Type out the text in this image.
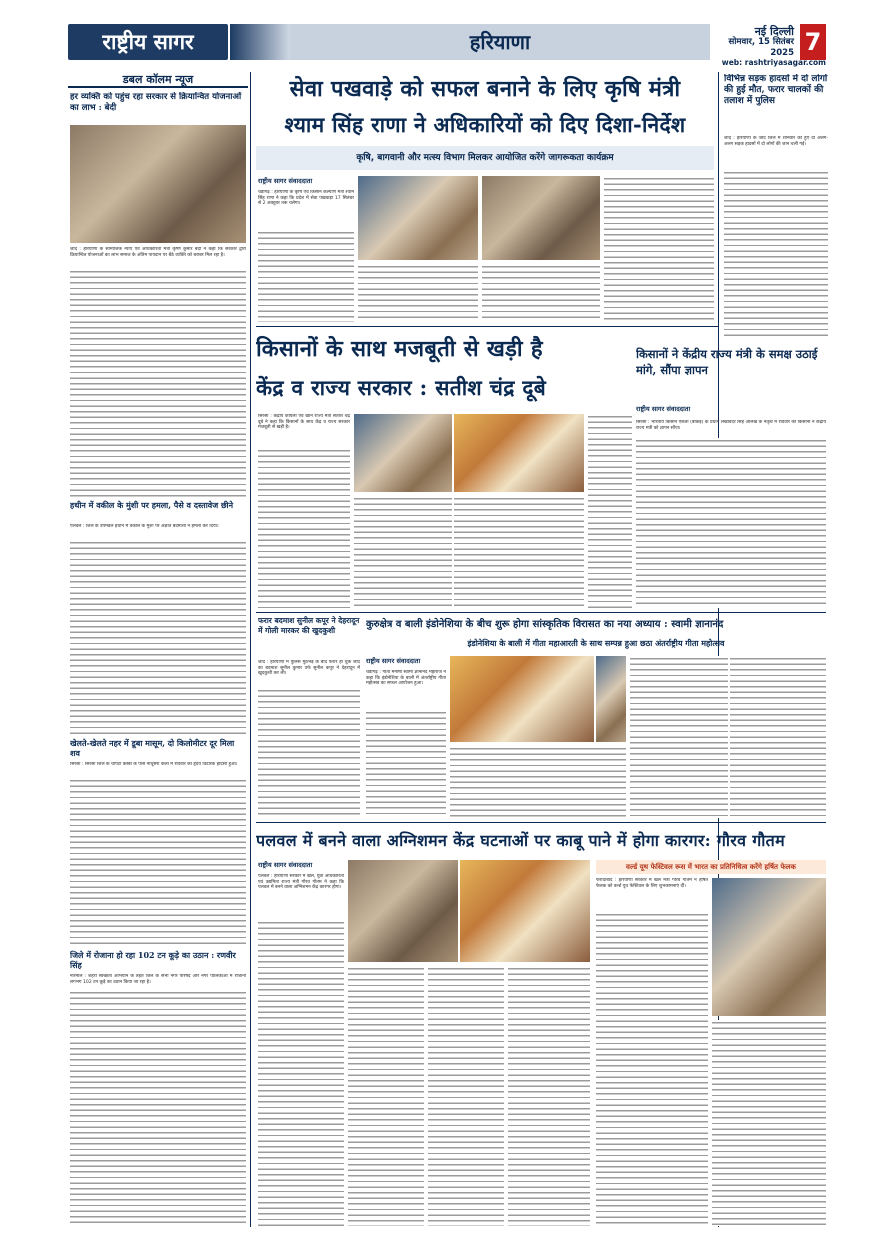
राष्ट्रीय सागर	हरियाणा	नई दिल्ली
सोमवार, 15 सितंबर 2025 7
web: rashtriyasagar.com
डबल कॉलम न्यूज
हर व्यक्ति को पहुंच रहा सरकार से क्रियान्वित योजनाओं का लाभ : बेदी
जींद : हरियाणा के सामाजिक न्याय एवं अधिकारिता मंत्री कृष्ण कुमार बेदी ने कहा कि सरकार द्वारा क्रियान्वित योजनाओं का लाभ समाज के अंतिम पायदान पर बैठे व्यक्ति को बराबर मिल रहा है।
हथीन में वकील के मुंशी पर हमला, पैसे व दस्तावेज छीने
पलवल : जिले के उपमंडल हथीन में वकील के मुंशी पर अज्ञात बदमाशों ने हमला कर दिया।
खेलते-खेलते नहर में डूबा मासूम, दो किलोमीटर दूर मिला शव
सिरसा : सिरसा जिले के चोपटा कस्बा के पास नाथूसरी कलां में रविवार को हृदय विदारक हादसा हुआ।
जिले में रोजाना हो रहा 102 टन कूड़े का उठान : रणवीर सिंह
नारनौल : शहरी स्वच्छता अभियान के तहत जिले के सभी नगर परिषद और नगर पालिकाओं में रोजाना लगभग 102 टन कूड़े का उठान किया जा रहा है।
सेवा पखवाड़े को सफल बनाने के लिए कृषि मंत्री
श्याम सिंह राणा ने अधिकारियों को दिए दिशा-निर्देश
कृषि, बागवानी और मत्स्य विभाग मिलकर आयोजित करेंगे जागरूकता कार्यक्रम
राष्ट्रीय सागर संवाददाता
चंडीगढ़ : हरियाणा के कृषि एवं किसान कल्याण मंत्री श्याम सिंह राणा ने कहा कि प्रदेश में सेवा पखवाड़ा 17 सितंबर से 2 अक्टूबर तक चलेगा।
विभिन्न सड़क हादसों में दो लोगों की हुई मौत, फरार चालकों की तलाश में पुलिस
जींद : हरियाणा के जींद जिले में शनिवार को हुए दो अलग-अलग सड़क हादसों में दो लोगों की जान चली गई।
किसानों के साथ मजबूती से खड़ी है
केंद्र व राज्य सरकार : सतीश चंद्र दूबे
सिरसा : केंद्रीय कोयला एवं खान राज्य मंत्री सतीश चंद्र दूबे ने कहा कि किसानों के साथ केंद्र व राज्य सरकार मजबूती से खड़ी है।
किसानों ने केंद्रीय राज्य मंत्री के समक्ष उठाई मांगे, सौंपा ज्ञापन
राष्ट्रीय सागर संवाददाता
सिरसा : भारतीय किसान एकता (बीकेई) के प्रधान लखविंदर सिंह औलख के नेतृत्व में रविवार को किसानों ने केंद्रीय राज्य मंत्री को ज्ञापन सौंपा।
फरार बदमाश सुनील कपूर ने देहरादून में गोली मारकर की खुदकुशी
जींद : हरियाणा में पुलिस मुठभेड़ के बाद फरार हो चुके जींद का बदमाश सुनील कुमार उर्फ सुनील कपूर ने देहरादून में खुदकुशी कर ली।
कुरुक्षेत्र व बाली इंडोनेशिया के बीच शुरू होगा सांस्कृतिक विरासत का नया अध्याय : स्वामी ज्ञानानंद
इंडोनेशिया के बाली में गीता महाआरती के साथ सम्पन्न हुआ छठा अंतर्राष्ट्रीय गीता महोत्सव
राष्ट्रीय सागर संवाददाता
चंडीगढ़ : गीता मनीषी स्वामी ज्ञानानंद महाराज ने कहा कि इंडोनेशिया के बाली में अंतर्राष्ट्रीय गीता महोत्सव का सफल आयोजन हुआ।
पलवल में बनने वाला अग्निशमन केंद्र घटनाओं पर काबू पाने में होगा कारगर: गौरव गौतम
राष्ट्रीय सागर संवाददाता
पलवल : हरियाणा सरकार में खेल, युवा अधिकारिता एवं उद्यमिता राज्य मंत्री गौरव गौतम ने कहा कि पलवल में बनने वाला अग्निशमन केंद्र कारगर होगा।
वर्ल्ड यूथ फेस्टिवल रूस में भारत का प्रतिनिधित्व करेंगे हर्षित फेलक
फरीदाबाद : हरियाणा सरकार में खेल मंत्री गौरव गौतम ने हर्षित फेलक को वर्ल्ड यूथ फेस्टिवल के लिए शुभकामनाएं दीं।
